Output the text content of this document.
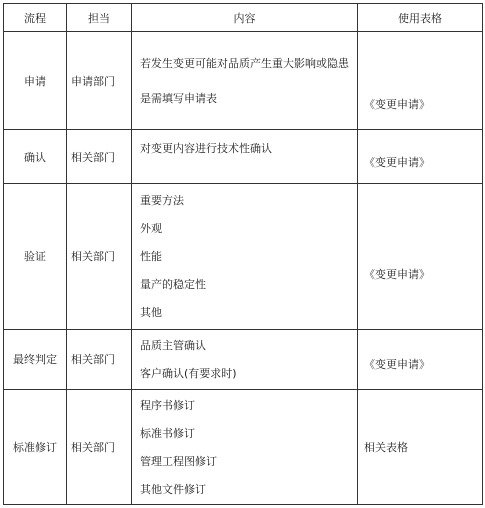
流程	担当	内容	使用表格
申请	申请部门	若发生变更可能对品质产生重大影响或隐患
是需填写申请表	《变更申请》

确认	相关部门	对变更内容进行技术性确认	《变更申请》

验证	相关部门	重要方法
外观
性能
量产的稳定性
其他	《变更申请》

最终判定	相关部门	品质主管确认
客户确认(有要求时)	《变更申请》

标准修订	相关部门	程序书修订
标准书修订
管理工程图修订
其他文件修订	相关表格
